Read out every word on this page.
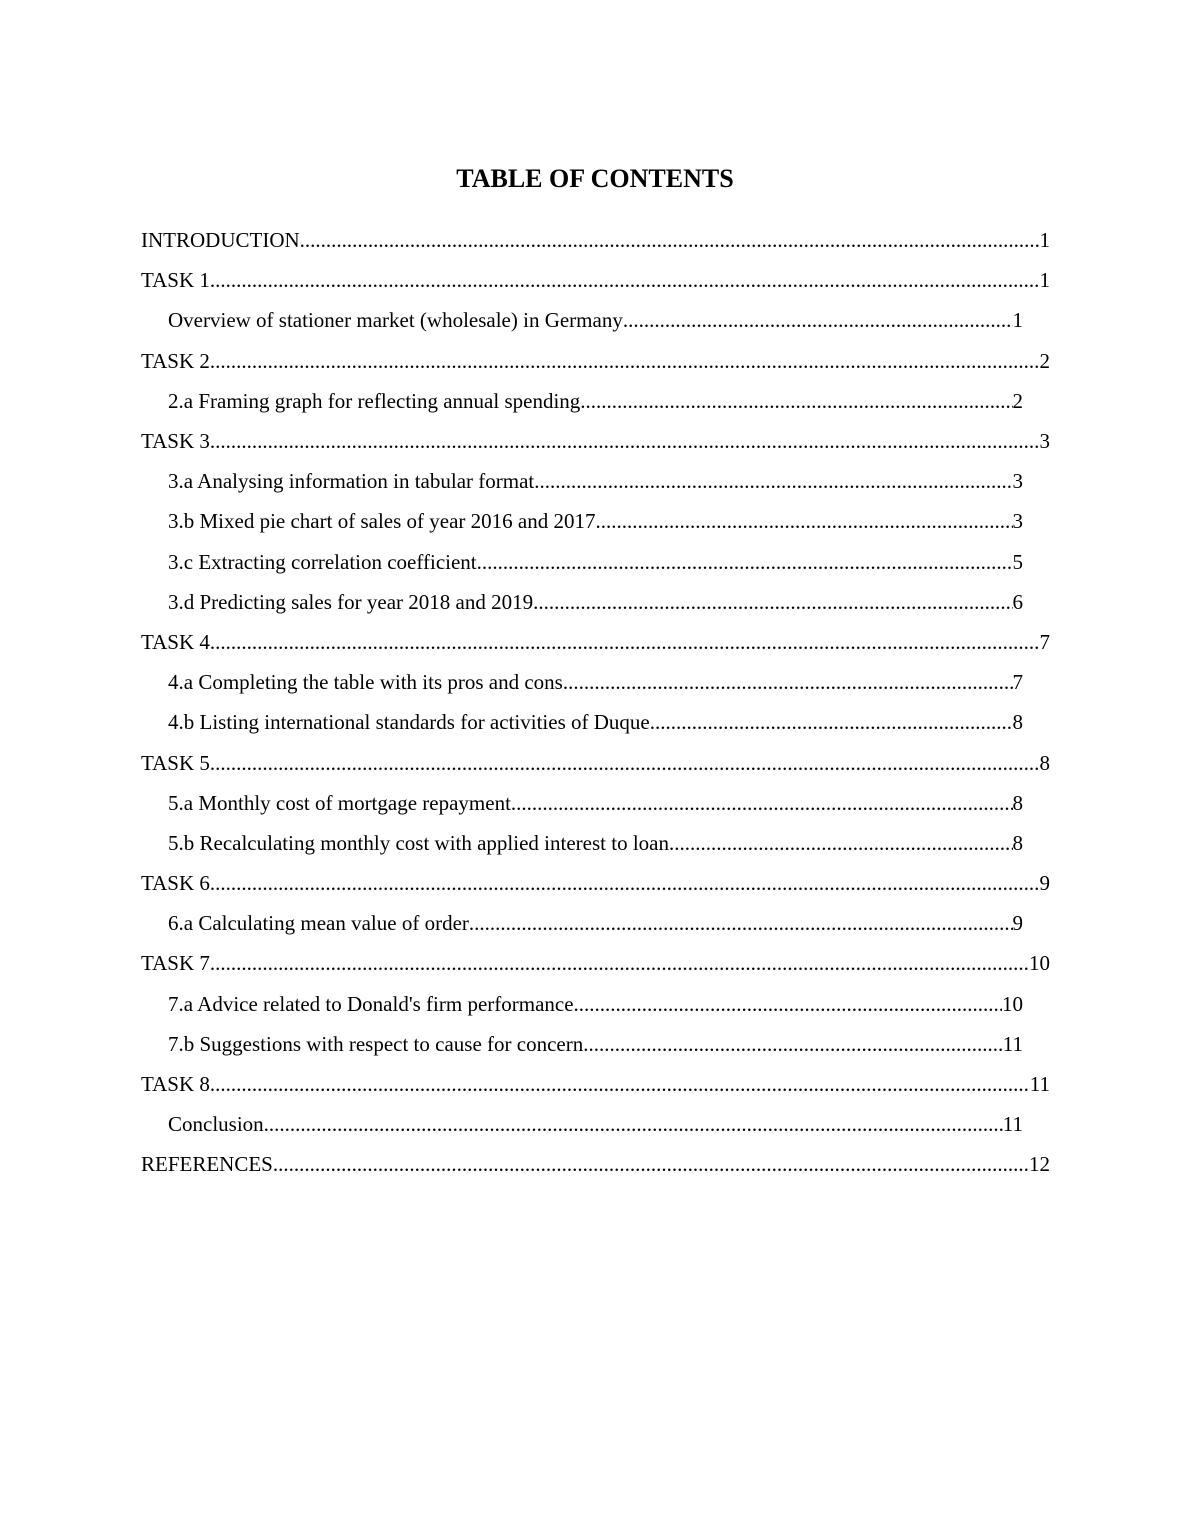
TABLE OF CONTENTS
INTRODUCTION .....	1
TASK 1 .....	1
Overview of stationer market (wholesale) in Germany .....	1
TASK 2 .....	2
2.a Framing graph for reflecting annual spending .....	2
TASK 3 .....	3
3.a Analysing information in tabular format .....	3
3.b Mixed pie chart of sales of year 2016 and 2017 .....	3
3.c Extracting correlation coefficient .....	5
3.d Predicting sales for year 2018 and 2019 .....	6
TASK 4 .....	7
4.a Completing the table with its pros and cons .....	7
4.b Listing international standards for activities of Duque .....	8
TASK 5 .....	8
5.a Monthly cost of mortgage repayment .....	8
5.b Recalculating monthly cost with applied interest to loan .....	8
TASK 6 .....	9
6.a Calculating mean value of order .....	9
TASK 7 .....	10
7.a Advice related to Donald's firm performance .....	10
7.b Suggestions with respect to cause for concern .....	11
TASK 8 .....	11
Conclusion .....	11
REFERENCES .....	12
